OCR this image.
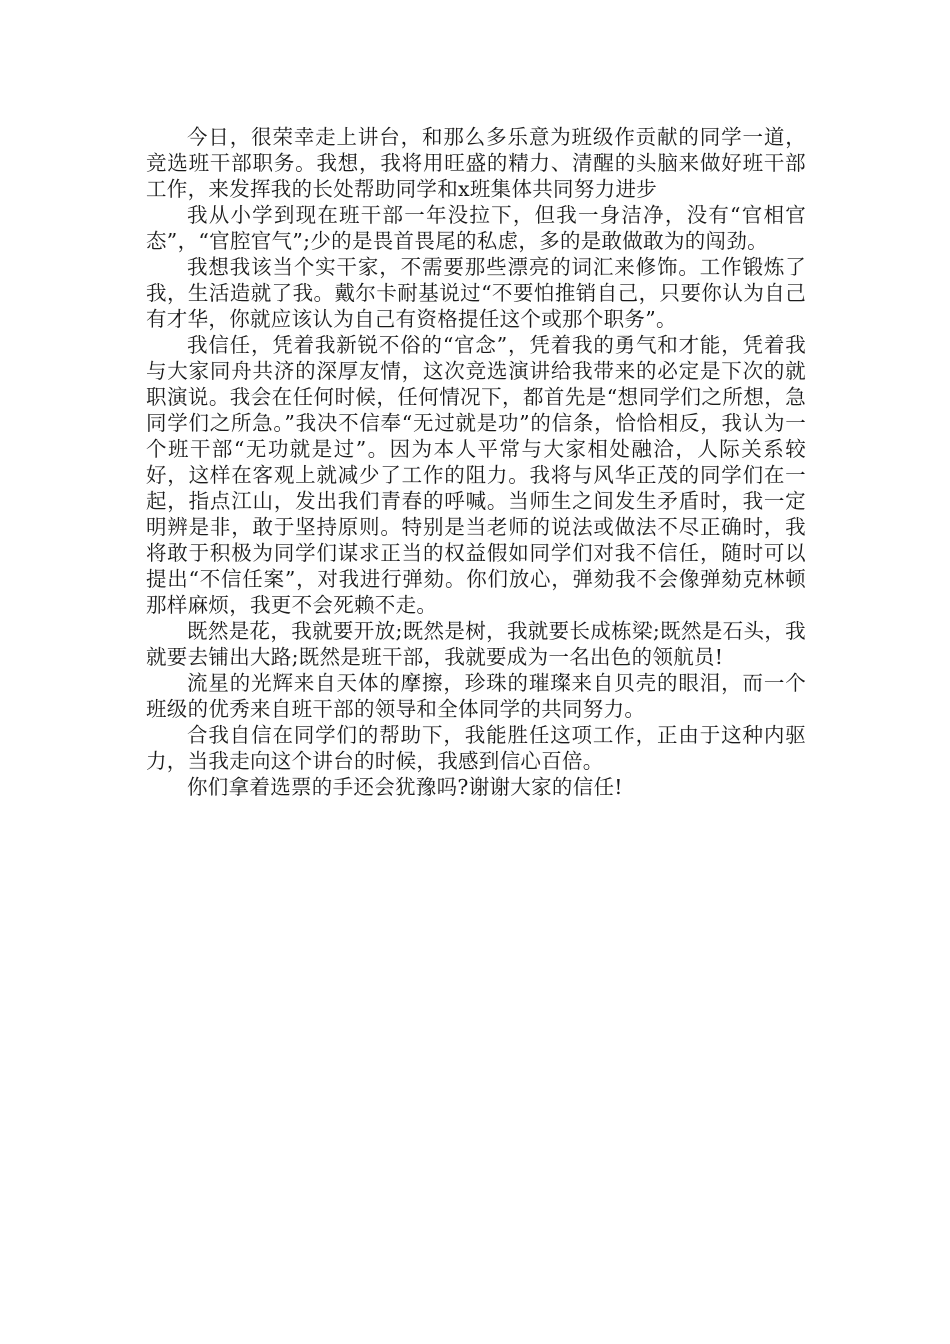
今日，很荣幸走上讲台，和那么多乐意为班级作贡献的同学一道，竞选班干部职务。我想，我将用旺盛的精力、清醒的头脑来做好班干部工作，来发挥我的长处帮助同学和x班集体共同努力进步

我从小学到现在班干部一年没拉下，但我一身洁净，没有“官相官态”，“官腔官气”;少的是畏首畏尾的私虑，多的是敢做敢为的闯劲。

我想我该当个实干家，不需要那些漂亮的词汇来修饰。工作锻炼了我，生活造就了我。戴尔卡耐基说过“不要怕推销自己，只要你认为自己有才华，你就应该认为自己有资格提任这个或那个职务”。

我信任，凭着我新锐不俗的“官念”，凭着我的勇气和才能，凭着我与大家同舟共济的深厚友情，这次竞选演讲给我带来的必定是下次的就职演说。我会在任何时候，任何情况下，都首先是“想同学们之所想，急同学们之所急。”我决不信奉“无过就是功”的信条，恰恰相反，我认为一个班干部“无功就是过”。因为本人平常与大家相处融洽，人际关系较好，这样在客观上就减少了工作的阻力。我将与风华正茂的同学们在一起，指点江山，发出我们青春的呼喊。当师生之间发生矛盾时，我一定明辨是非，敢于坚持原则。特别是当老师的说法或做法不尽正确时，我将敢于积极为同学们谋求正当的权益假如同学们对我不信任，随时可以提出“不信任案”，对我进行弹劾。你们放心，弹劾我不会像弹劾克林顿那样麻烦，我更不会死赖不走。

既然是花，我就要开放;既然是树，我就要长成栋梁;既然是石头，我就要去铺出大路;既然是班干部，我就要成为一名出色的领航员!

流星的光辉来自天体的摩擦，珍珠的璀璨来自贝壳的眼泪，而一个班级的优秀来自班干部的领导和全体同学的共同努力。

合我自信在同学们的帮助下，我能胜任这项工作，正由于这种内驱力，当我走向这个讲台的时候，我感到信心百倍。

你们拿着选票的手还会犹豫吗?谢谢大家的信任!
